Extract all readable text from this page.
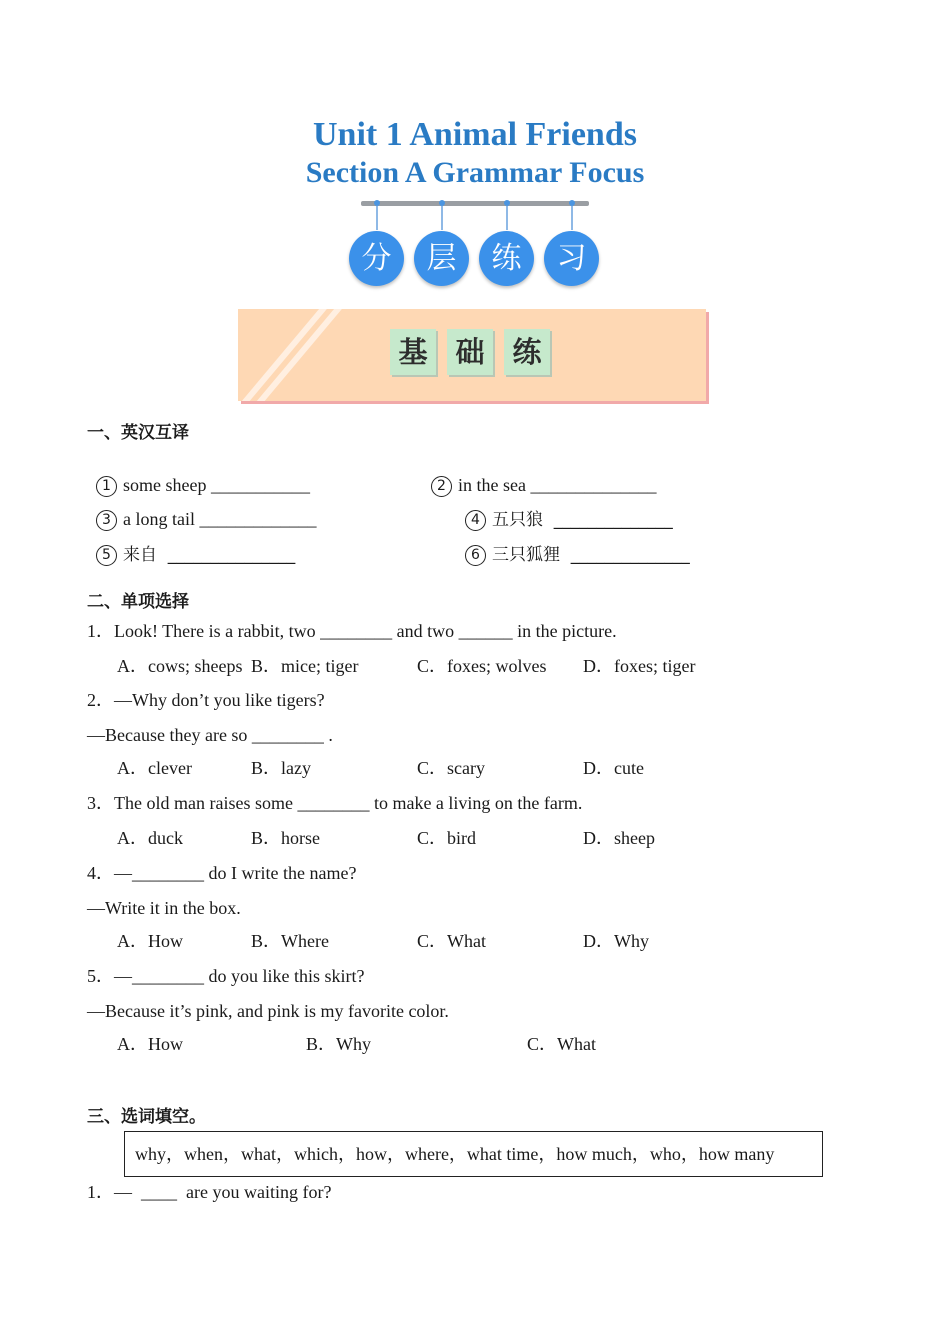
Unit 1 Animal Friends
Section A Grammar Focus
分	层	练	习
基 础 练
一、英汉互译

1 some sheep ___________	2 in the sea ______________

3 a long tail _____________	4 五只狼  ______________

5 来自  _______________	6 三只狐狸  ______________

二、单项选择
1．Look! There is a rabbit, two ________ and two ______ in the picture.
A．cows; sheeps B．mice; tiger	C．foxes; wolves D．foxes; tiger
2．—Why don’t you like tigers?
—Because they are so ________ .
A．clever	B．lazy	C．scary	D．cute
3．The old man raises some ________ to make a living on the farm.
A．duck	B．horse	C．bird	D．sheep
4．—________ do I write the name?
—Write it in the box.
A．How	B．Where	C．What	D．Why
5．—________ do you like this skirt?
—Because it’s pink, and pink is my favorite color.
A．How	B．Why	C．What
三、选词填空。
why，when，what，which，how，where，what time，how much，who，how many
1．—  ____  are you waiting for?
